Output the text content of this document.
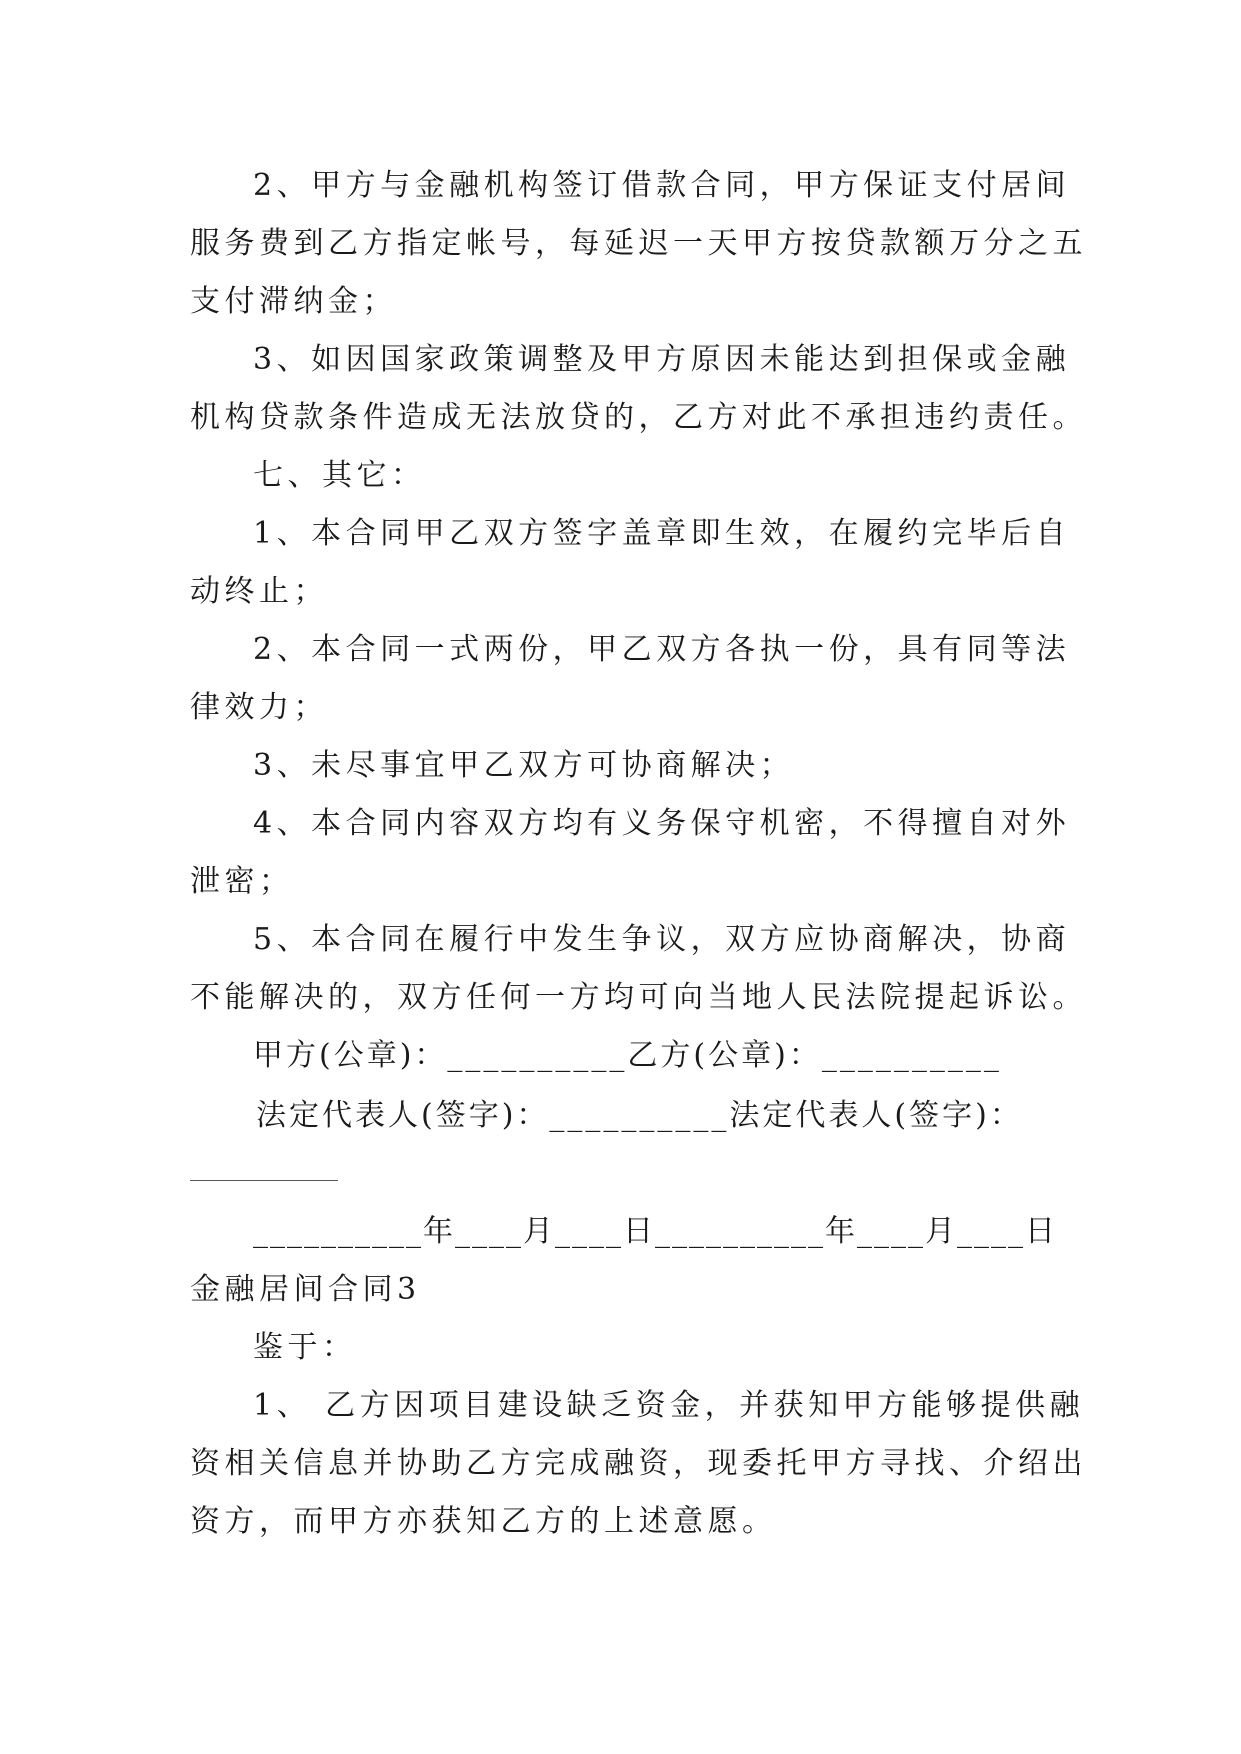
2、甲方与金融机构签订借款合同，甲方保证支付居间
服务费到乙方指定帐号，每延迟一天甲方按贷款额万分之五
支付滞纳金；
3、如因国家政策调整及甲方原因未能达到担保或金融
机构贷款条件造成无法放贷的，乙方对此不承担违约责任。
七、其它：
1、本合同甲乙双方签字盖章即生效，在履约完毕后自
动终止；
2、本合同一式两份，甲乙双方各执一份，具有同等法
律效力；
3、未尽事宜甲乙双方可协商解决；
4、本合同内容双方均有义务保守机密，不得擅自对外
泄密；
5、本合同在履行中发生争议，双方应协商解决，协商
不能解决的，双方任何一方均可向当地人民法院提起诉讼。
甲方(公章)：__________乙方(公章)：__________
法定代表人(签字)：__________法定代表人(签字)：
__________年____月____日__________年____月____日
金融居间合同3
鉴于：
1、 乙方因项目建设缺乏资金，并获知甲方能够提供融
资相关信息并协助乙方完成融资，现委托甲方寻找、介绍出
资方，而甲方亦获知乙方的上述意愿。
